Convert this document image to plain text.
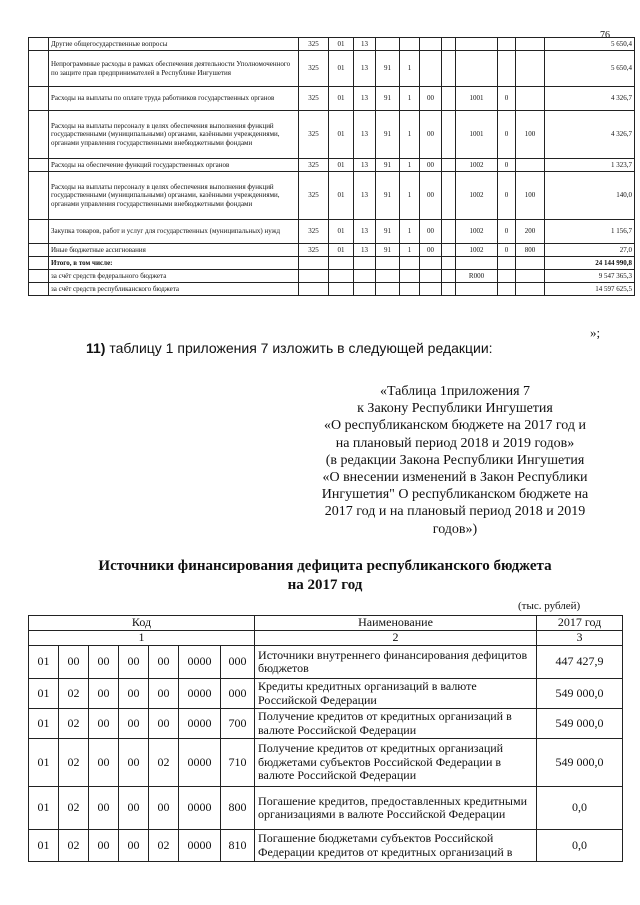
76
	Другие общегосударственные вопросы	325	01	13								5 650,4
	Непрограммные расходы в рамках обеспечения деятельности Уполномоченного по защите прав предпринимателей в Республике Ингушетия	325	01	13	91	1						5 650,4
	Расходы на выплаты по оплате труда работников государственных органов	325	01	13	91	1	00		1001	0		4 326,7
	Расходы на выплаты персоналу в целях обеспечения выполнения функций государственными (муниципальными) органами, казёнными учреждениями, органами управления государственными внебюджетными фондами	325	01	13	91	1	00		1001	0	100	4 326,7
	Расходы на обеспечение функций государственных органов	325	01	13	91	1	00		1002	0		1 323,7
	Расходы на выплаты персоналу в целях обеспечения выполнения функций государственными (муниципальными) органами, казёнными учреждениями, органами управления государственными внебюджетными фондами	325	01	13	91	1	00		1002	0	100	140,0
	Закупка товаров, работ и услуг для государственных (муниципальных) нужд	325	01	13	91	1	00		1002	0	200	1 156,7
	Иные бюджетные ассигнования	325	01	13	91	1	00		1002	0	800	27,0
	Итого, в том числе:											24 144 990,8
	за счёт средств федерального бюджета								R000			9 547 365,3
	за счёт средств республиканского бюджета											14 597 625,5
»;
11) таблицу 1 приложения 7 изложить в следующей редакции:
«Таблица 1приложения 7
к Закону Республики Ингушетия
«О республиканском бюджете на 2017 год и
на плановый период 2018 и 2019 годов»
(в редакции Закона Республики Ингушетия
«О внесении изменений в Закон Республики
Ингушетия" О республиканском бюджете на
2017 год и на плановый период 2018 и 2019
годов»)
Источники финансирования дефицита республиканского бюджета
на 2017 год
(тыс. рублей)
Код							Наименование	2017 год
1							2	3
01	00	00	00	00	0000	000	Источники внутреннего финансирования дефицитов бюджетов	447 427,9
01	02	00	00	00	0000	000	Кредиты кредитных организаций в валюте Российской Федерации	549 000,0
01	02	00	00	00	0000	700	Получение кредитов от кредитных организаций в валюте Российской Федерации	549 000,0
01	02	00	00	02	0000	710	Получение кредитов от кредитных организаций бюджетами субъектов Российской Федерации в валюте Российской Федерации	549 000,0
01	02	00	00	00	0000	800	Погашение кредитов, предоставленных кредитными организациями в валюте Российской Федерации	0,0
01	02	00	00	02	0000	810	Погашение бюджетами субъектов Российской Федерации кредитов от кредитных организаций в	0,0
